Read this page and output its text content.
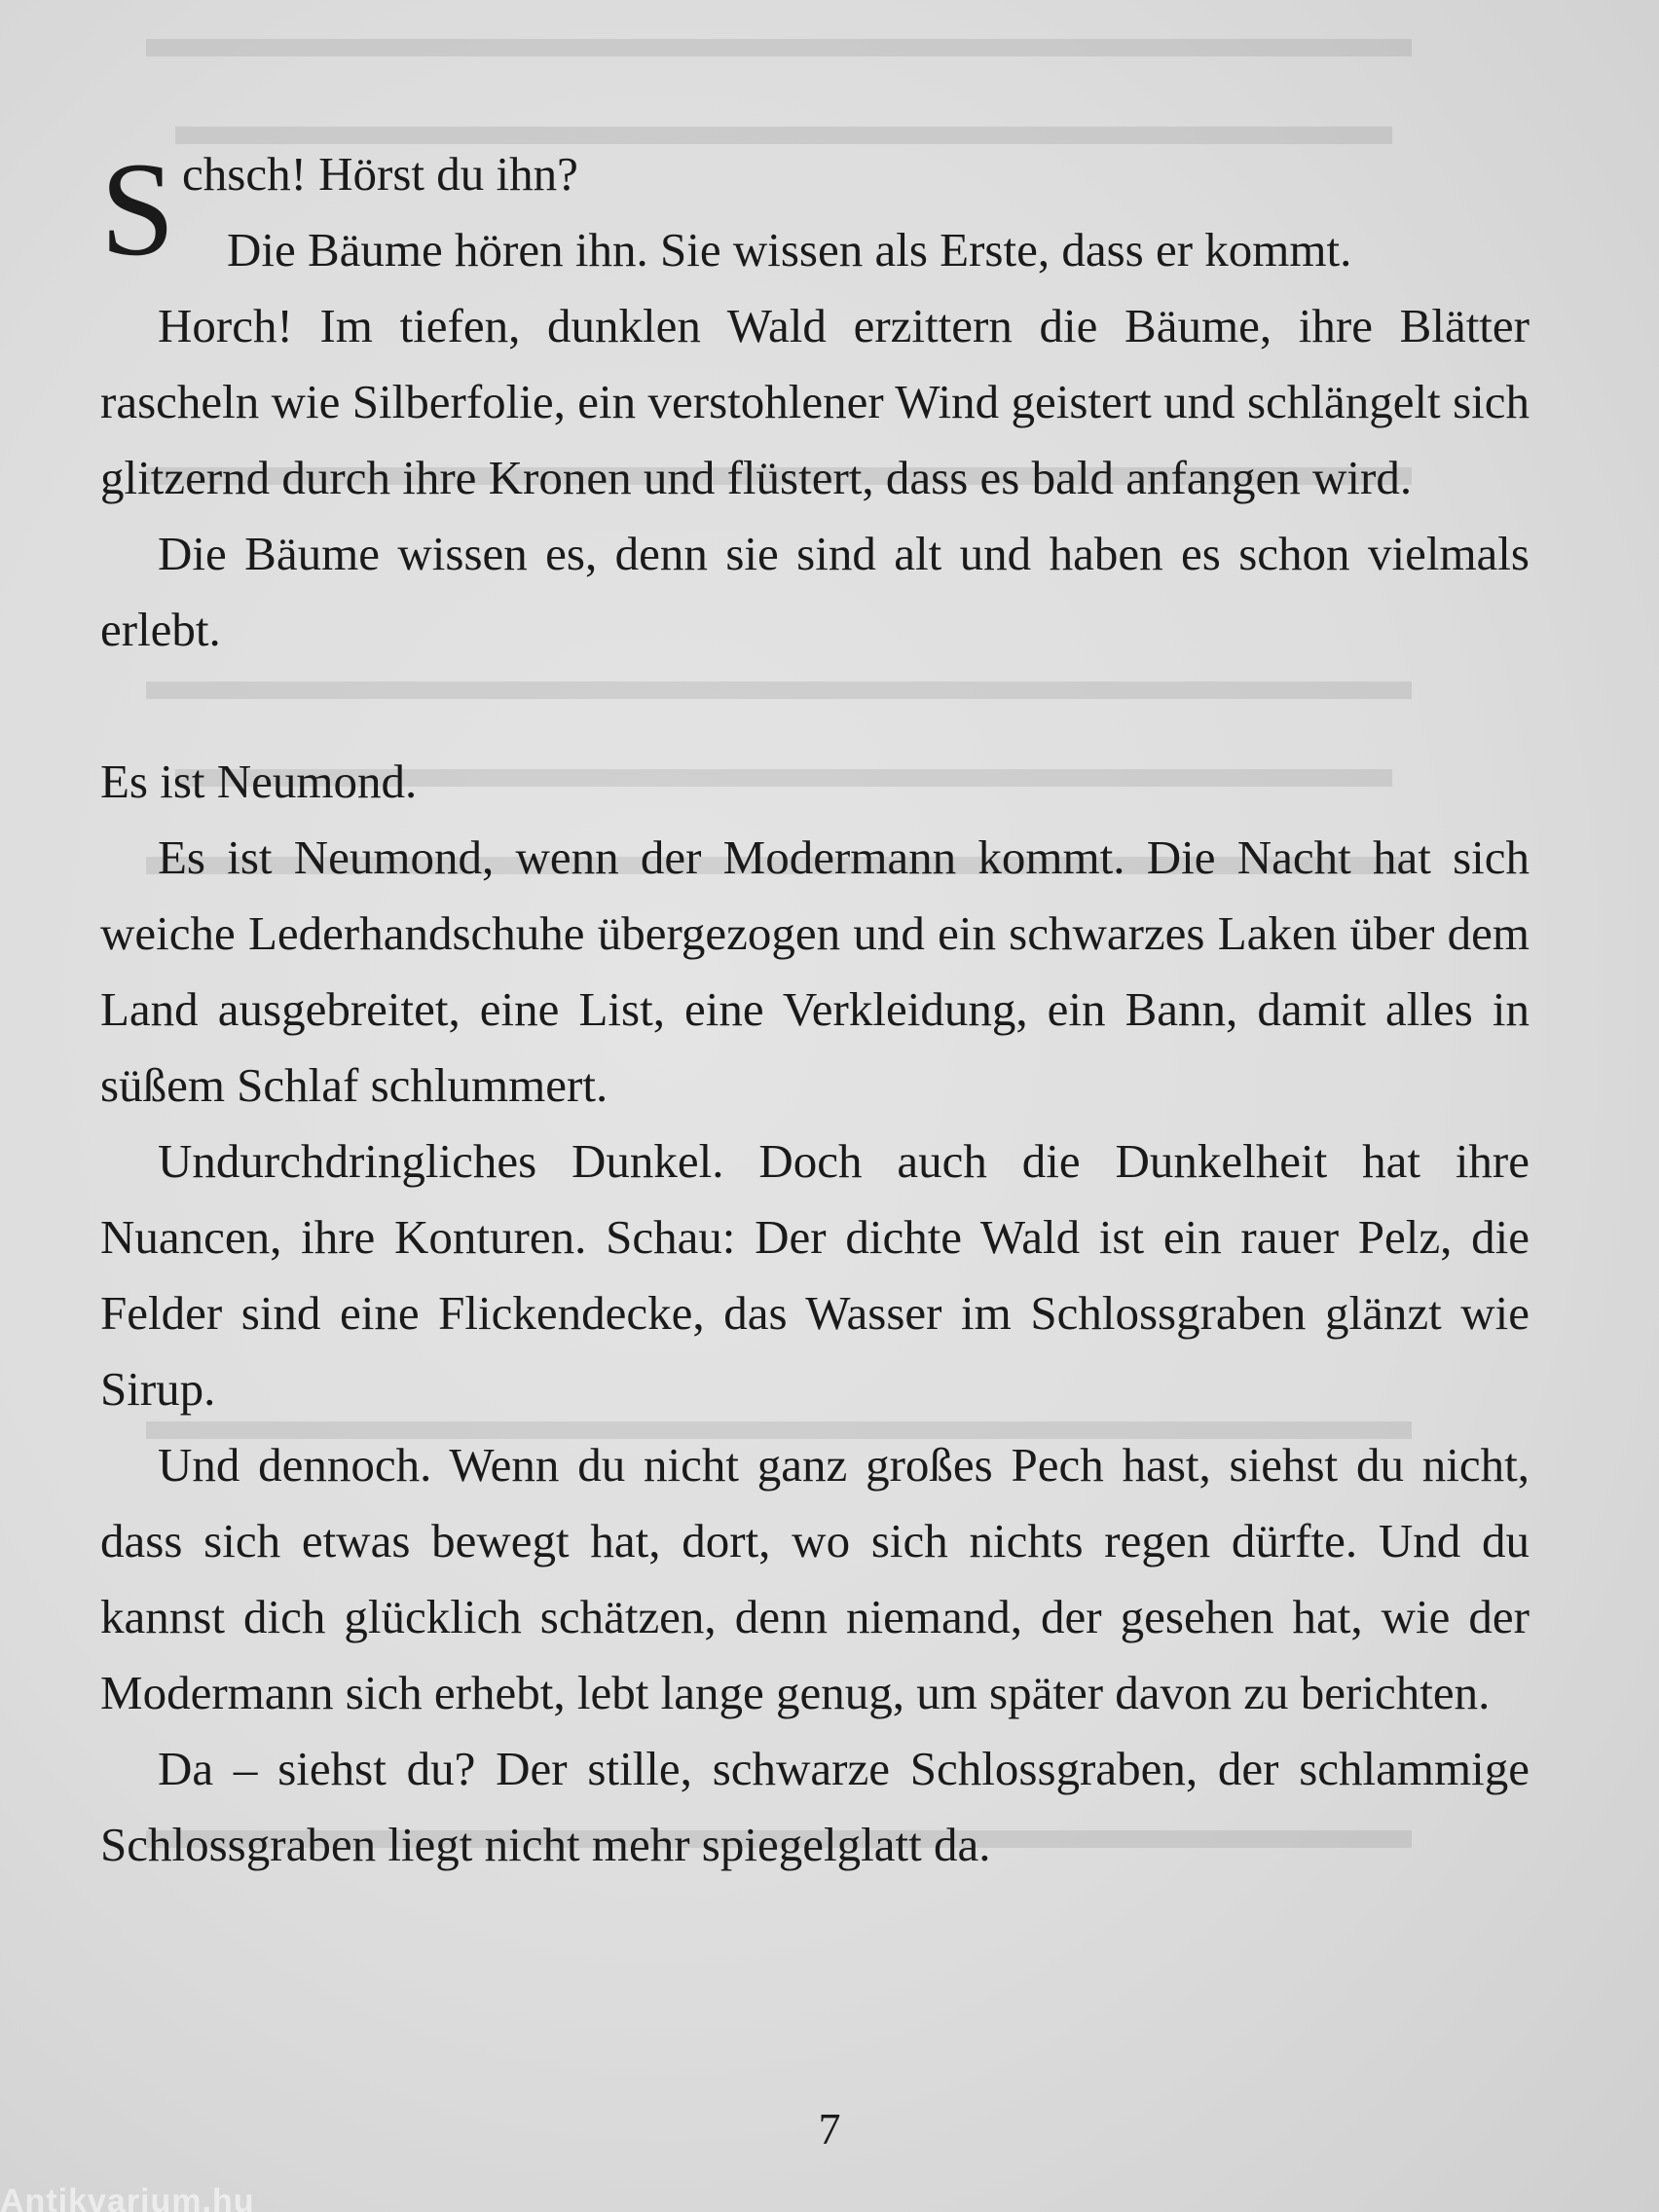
S chsch! Hörst du ihn?
Die Bäume hören ihn. Sie wissen als Erste, dass er kommt.

Horch! Im tiefen, dunklen Wald erzittern die Bäume, ihre Blätter rascheln wie Silberfolie, ein verstohlener Wind geistert und schlängelt sich glitzernd durch ihre Kronen und flüstert, dass es bald anfangen wird.

Die Bäume wissen es, denn sie sind alt und haben es schon vielmals erlebt.

Es ist Neumond.

Es ist Neumond, wenn der Modermann kommt. Die Nacht hat sich weiche Lederhandschuhe übergezogen und ein schwarzes Laken über dem Land ausgebreitet, eine List, eine Verkleidung, ein Bann, damit alles in süßem Schlaf schlummert.

Undurchdringliches Dunkel. Doch auch die Dunkelheit hat ihre Nuancen, ihre Konturen. Schau: Der dichte Wald ist ein rauer Pelz, die Felder sind eine Flickendecke, das Wasser im Schlossgraben glänzt wie Sirup.

Und dennoch. Wenn du nicht ganz großes Pech hast, siehst du nicht, dass sich etwas bewegt hat, dort, wo sich nichts regen dürfte. Und du kannst dich glücklich schätzen, denn niemand, der gesehen hat, wie der Modermann sich erhebt, lebt lange genug, um später davon zu berichten.

Da – siehst du? Der stille, schwarze Schlossgraben, der schlammige Schlossgraben liegt nicht mehr spiegelglatt da.

7
Antikvarium.hu
